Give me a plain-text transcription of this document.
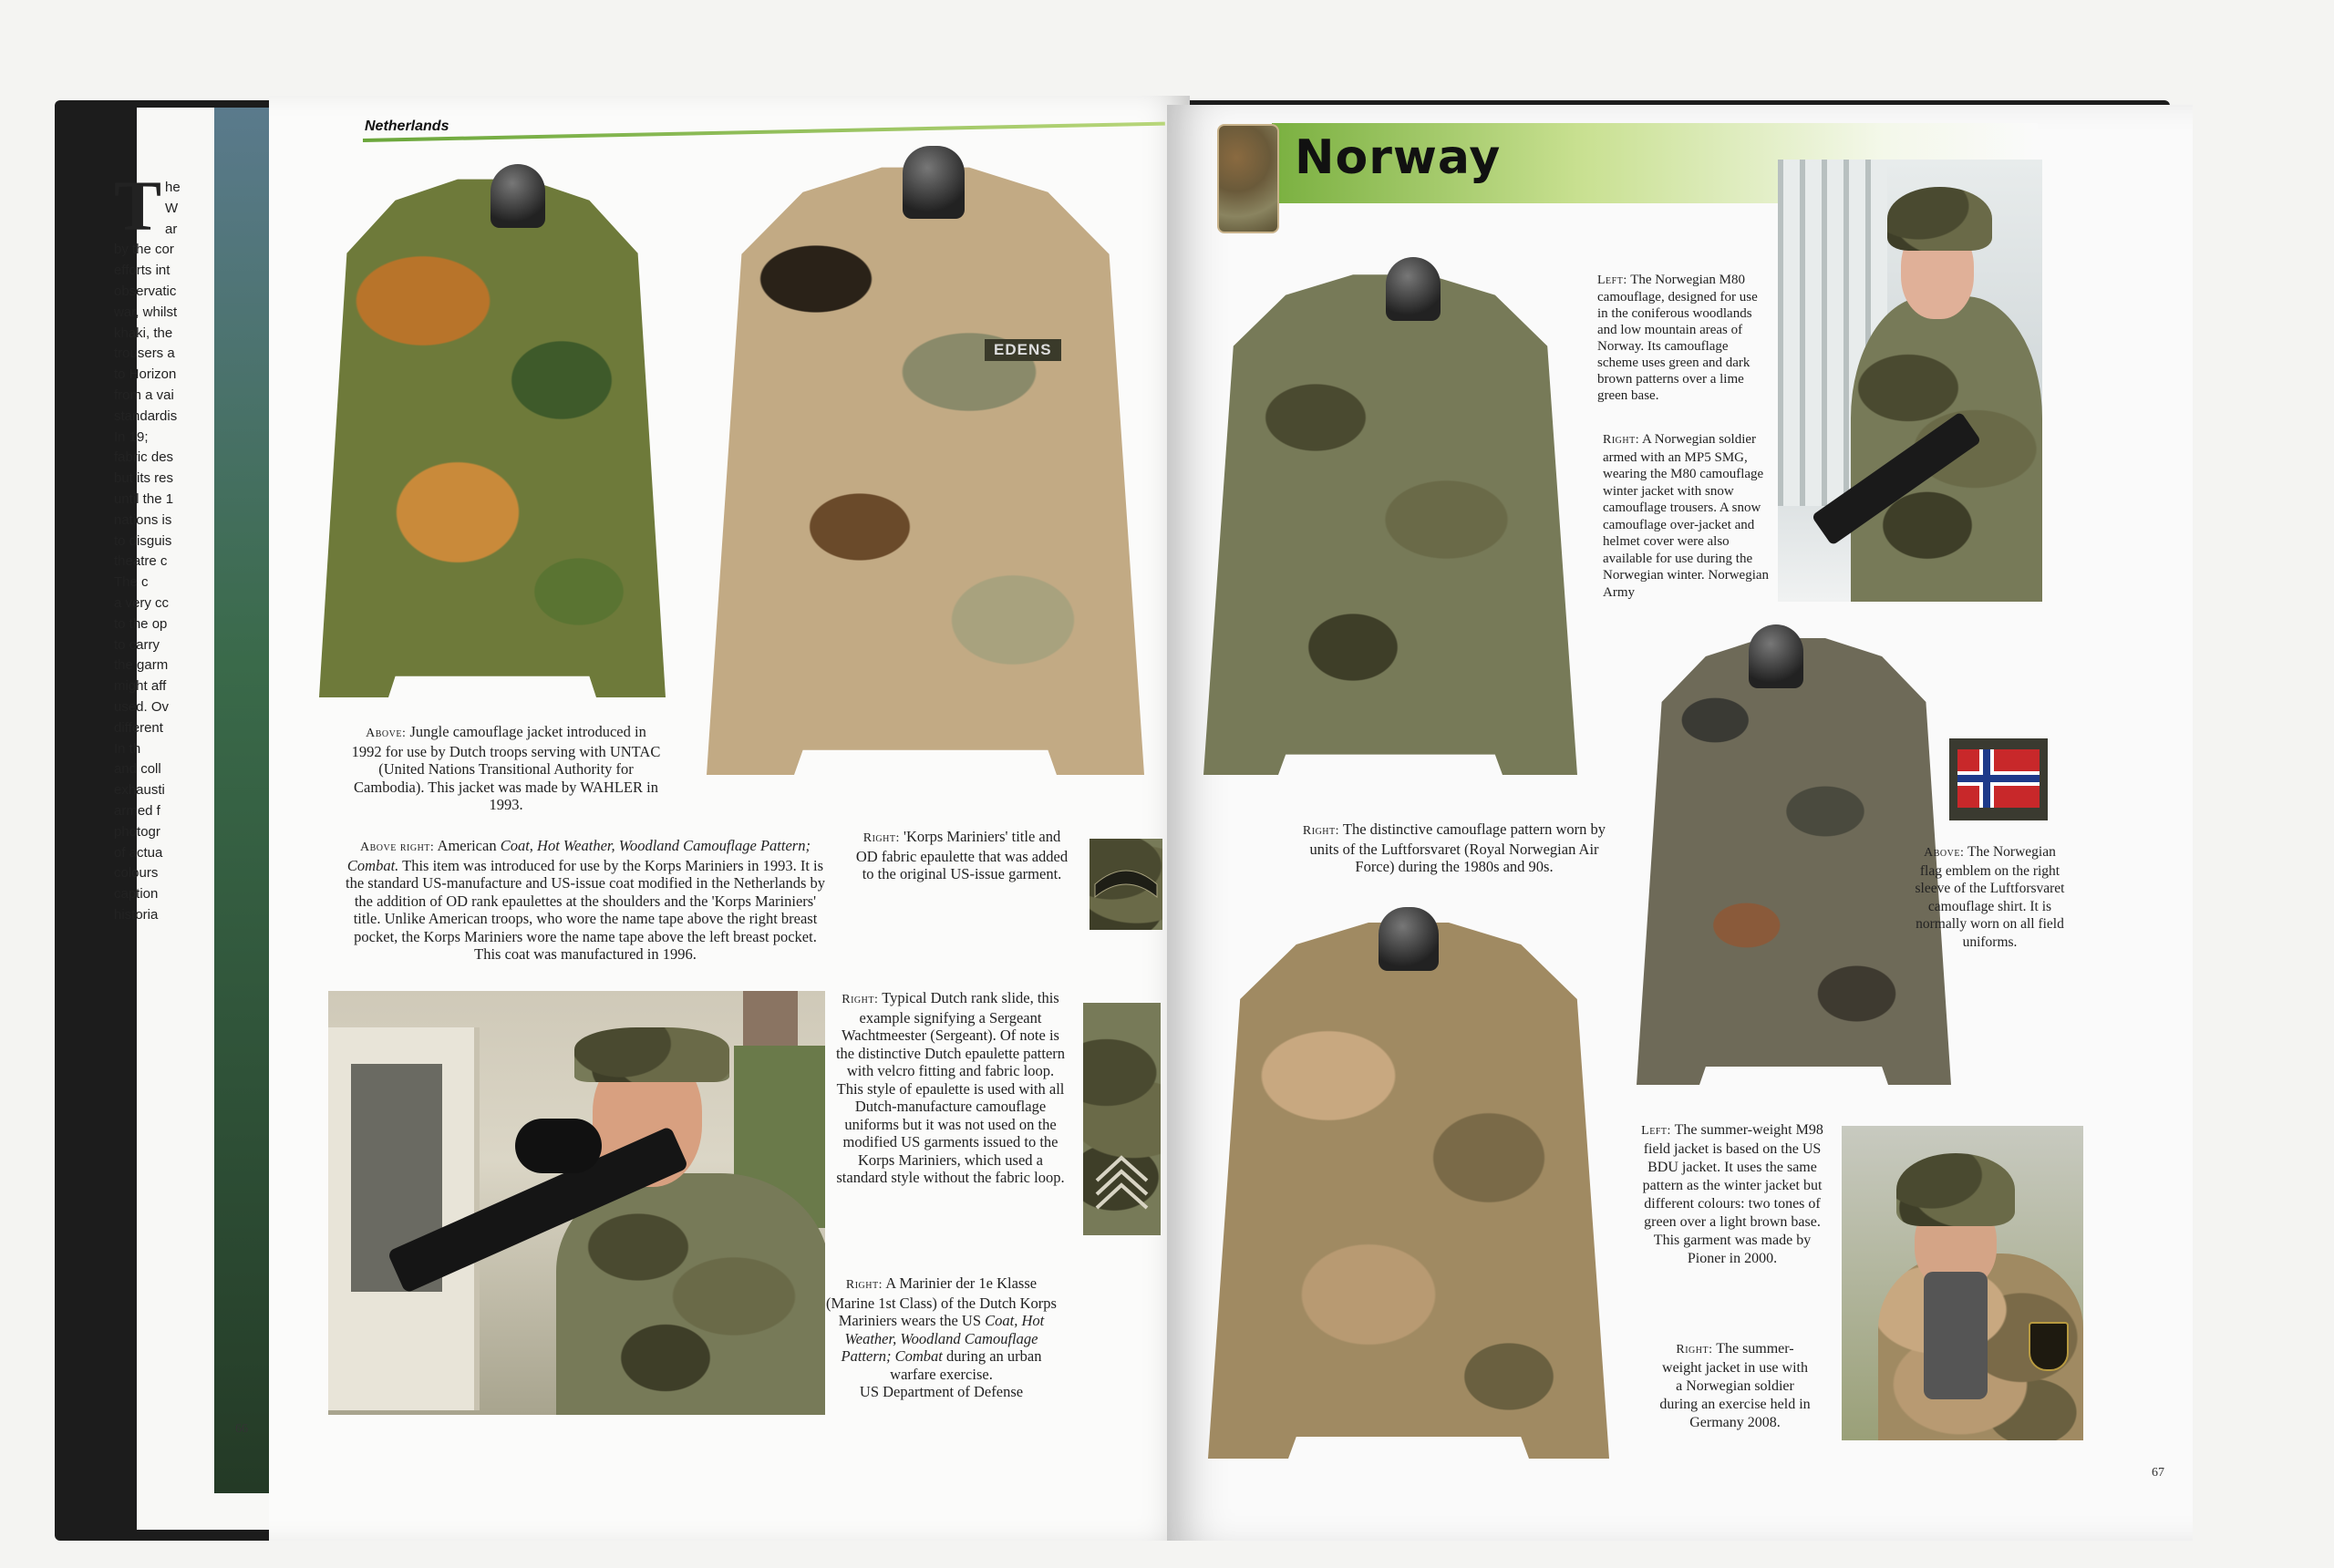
T he
W
ar
by the cor
efforts int
observatic
war, whilst
khaki, the
trousers a
to Horizon
from a vai
standardis
In 19;
fabric des
but its res
until the 1
nations is
to disguis
theatre c
The c
a very cc
to the op
to carry
the garm
might aff
used. Ov
different
In th
and coll
exhausti
armed f
photogr
of actua
colours
caption
historia
Netherlands
Above: Jungle camouflage jacket introduced in 1992 for use by Dutch troops serving with UNTAC (United Nations Transitional Authority for Cambodia). This jacket was made by WAHLER in 1993.
EDENS
Above right: American Coat, Hot Weather, Woodland Camouflage Pattern; Combat. This item was introduced for use by the Korps Mariniers in 1993. It is the standard US-manufacture and US-issue coat modified in the Netherlands by the addition of OD rank epaulettes at the shoulders and the 'Korps Mariniers' title. Unlike American troops, who wore the name tape above the right breast pocket, the Korps Mariniers wore the name tape above the left breast pocket. This coat was manufactured in 1996.
Right: 'Korps Mariniers' title and OD fabric epaulette that was added to the original US-issue garment.
Right: Typical Dutch rank slide, this example signifying a Sergeant Wachtmeester (Sergeant). Of note is the distinctive Dutch epaulette pattern with velcro fitting and fabric loop. This style of epaulette is used with all Dutch-manufacture camouflage uniforms but it was not used on the modified US garments issued to the Korps Mariniers, which used a standard style without the fabric loop.
Right: A Marinier der 1e Klasse (Marine 1st Class) of the Dutch Korps Mariniers wears the US Coat, Hot Weather, Woodland Camouflage Pattern; Combat during an urban warfare exercise.
US Department of Defense
66
Norway
Left: The Norwegian M80 camouflage, designed for use in the coniferous woodlands and low mountain areas of Norway. Its camouflage scheme uses green and dark brown patterns over a lime green base.
Right: A Norwegian soldier armed with an MP5 SMG, wearing the M80 camouflage winter jacket with snow camouflage trousers. A snow camouflage over-jacket and helmet cover were also available for use during the Norwegian winter. Norwegian Army
Right: The distinctive camouflage pattern worn by units of the Luftforsvaret (Royal Norwegian Air Force) during the 1980s and 90s.
Above: The Norwegian flag emblem on the right sleeve of the Luftforsvaret camouflage shirt. It is normally worn on all field uniforms.
Left: The summer-weight M98 field jacket is based on the US BDU jacket. It uses the same pattern as the winter jacket but different colours: two tones of green over a light brown base. This garment was made by Pioner in 2000.
Right: The summer-weight jacket in use with a Norwegian soldier during an exercise held in Germany 2008.
67
